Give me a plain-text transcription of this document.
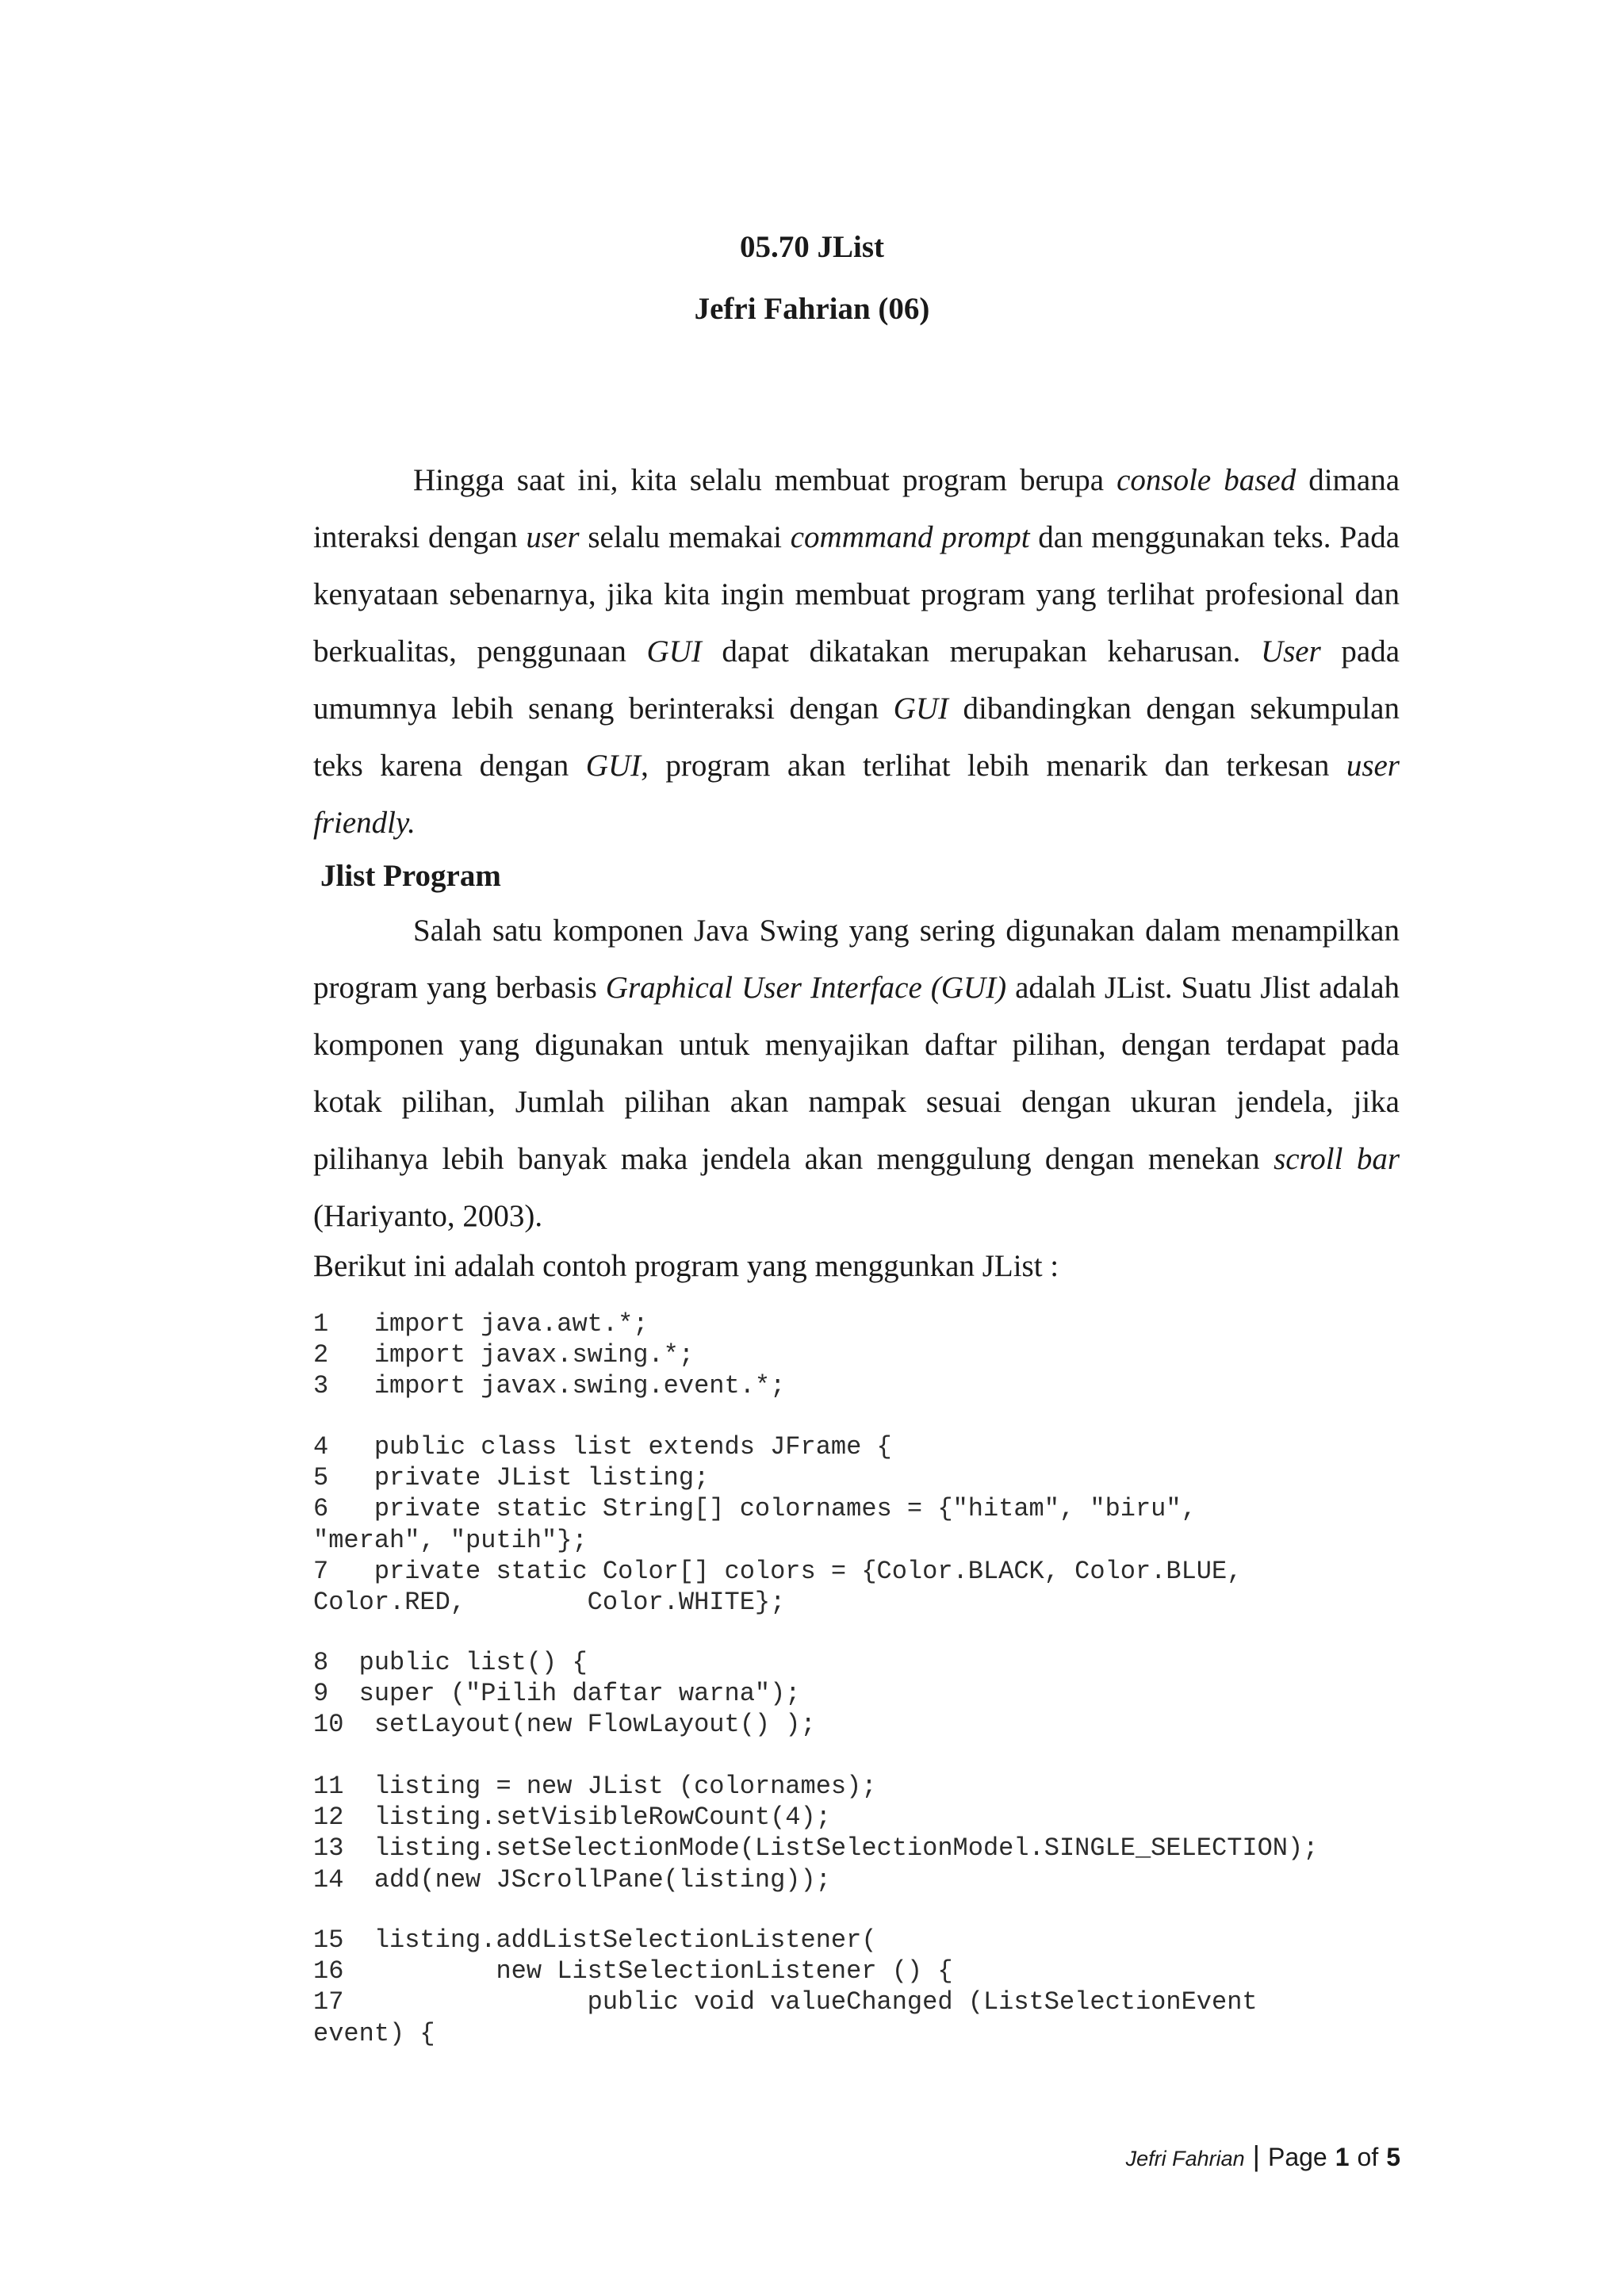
05.70 JList
Jefri Fahrian (06)

Hingga saat ini, kita selalu membuat program berupa console based dimana interaksi dengan user selalu memakai commmand prompt dan menggunakan teks. Pada kenyataan sebenarnya, jika kita ingin membuat program yang terlihat profesional dan berkualitas, penggunaan GUI dapat dikatakan merupakan keharusan. User pada umumnya lebih senang berinteraksi dengan GUI dibandingkan dengan sekumpulan teks karena dengan GUI, program akan terlihat lebih menarik dan terkesan user friendly.

Jlist Program

Salah satu komponen Java Swing yang sering digunakan dalam menampilkan program yang berbasis Graphical User Interface (GUI) adalah JList. Suatu Jlist adalah komponen yang digunakan untuk menyajikan daftar pilihan, dengan terdapat pada kotak pilihan, Jumlah pilihan akan nampak sesuai dengan ukuran jendela, jika pilihanya lebih banyak maka jendela akan menggulung dengan menekan scroll bar (Hariyanto, 2003).

Berikut ini adalah contoh program yang menggunkan JList :
1   import java.awt.*;
2   import javax.swing.*;
3   import javax.swing.event.*;
4   public class list extends JFrame {
5   private JList listing;
6   private static String[] colornames = {"hitam", "biru",
"merah", "putih"};
7   private static Color[] colors = {Color.BLACK, Color.BLUE,
Color.RED,        Color.WHITE};
8  public list() {
9  super ("Pilih daftar warna");
10  setLayout(new FlowLayout() );
11  listing = new JList (colornames);
12  listing.setVisibleRowCount(4);
13  listing.setSelectionMode(ListSelectionModel.SINGLE_SELECTION);
14  add(new JScrollPane(listing));
15  listing.addListSelectionListener(
16          new ListSelectionListener () {
17                public void valueChanged (ListSelectionEvent
event) {
Jefri Fahrian | Page 1 of 5
